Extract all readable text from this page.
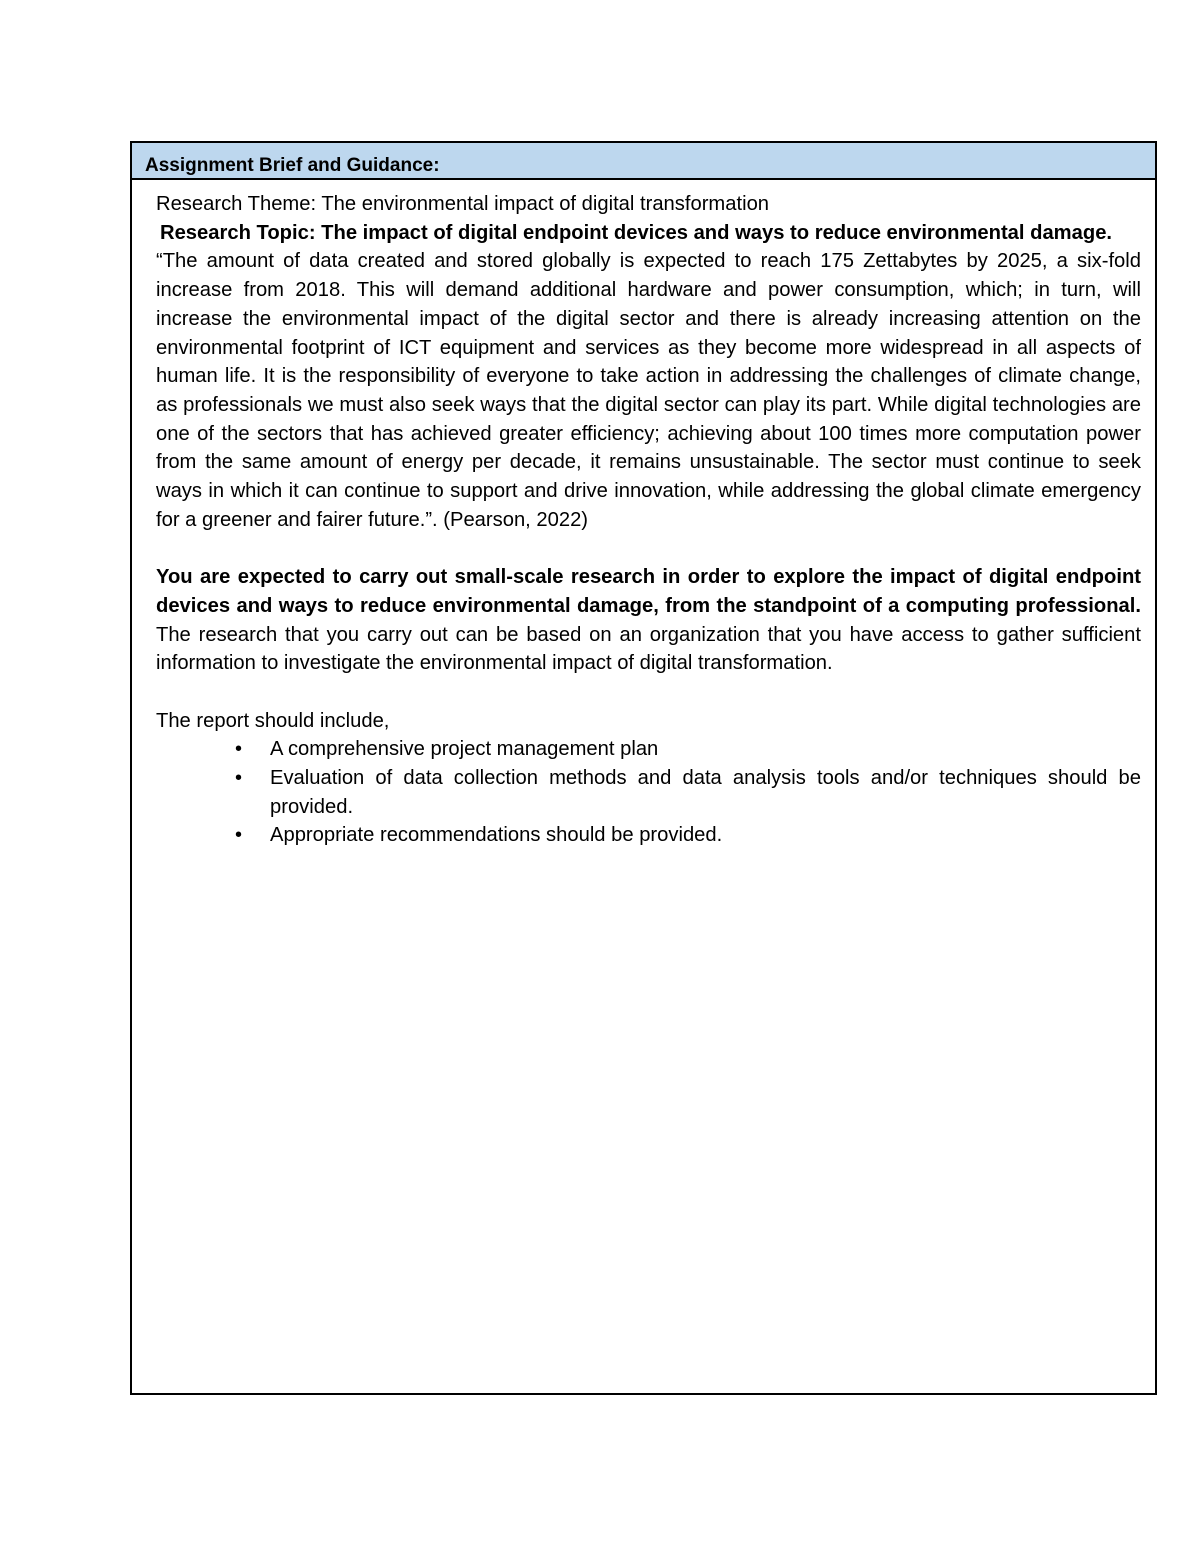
Assignment Brief and Guidance:
Research Theme: The environmental impact of digital transformation
Research Topic: The impact of digital endpoint devices and ways to reduce environmental damage.
“The amount of data created and stored globally is expected to reach 175 Zettabytes by 2025, a six-fold increase from 2018. This will demand additional hardware and power consumption, which; in turn, will increase the environmental impact of the digital sector and there is already increasing attention on the environmental footprint of ICT equipment and services as they become more widespread in all aspects of human life. It is the responsibility of everyone to take action in addressing the challenges of climate change, as professionals we must also seek ways that the digital sector can play its part. While digital technologies are one of the sectors that has achieved greater efficiency; achieving about 100 times more computation power from the same amount of energy per decade, it remains unsustainable. The sector must continue to seek ways in which it can continue to support and drive innovation, while addressing the global climate emergency for a greener and fairer future.”. (Pearson, 2022)
You are expected to carry out small-scale research in order to explore the impact of digital endpoint devices and ways to reduce environmental damage, from the standpoint of a computing professional. The research that you carry out can be based on an organization that you have access to gather sufficient information to investigate the environmental impact of digital transformation.
The report should include,
• A comprehensive project management plan
• Evaluation of data collection methods and data analysis tools and/or techniques should be provided.
• Appropriate recommendations should be provided.
